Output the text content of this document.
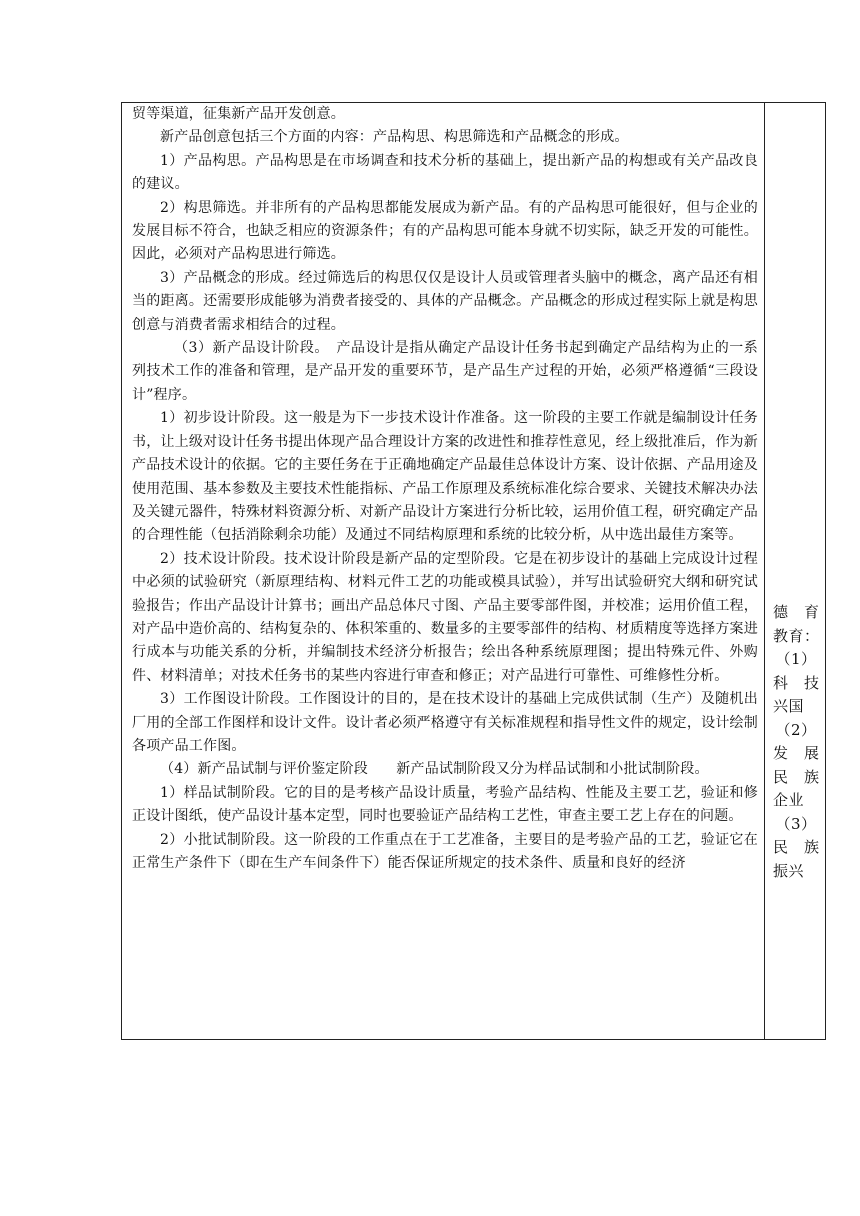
贸等渠道，征集新产品开发创意。

新产品创意包括三个方面的内容：产品构思、构思筛选和产品概念的形成。

1）产品构思。产品构思是在市场调查和技术分析的基础上，提出新产品的构想或有关产品改良的建议。

2）构思筛选。并非所有的产品构思都能发展成为新产品。有的产品构思可能很好，但与企业的发展目标不符合，也缺乏相应的资源条件；有的产品构思可能本身就不切实际，缺乏开发的可能性。因此，必须对产品构思进行筛选。

3）产品概念的形成。经过筛选后的构思仅仅是设计人员或管理者头脑中的概念，离产品还有相当的距离。还需要形成能够为消费者接受的、具体的产品概念。产品概念的形成过程实际上就是构思创意与消费者需求相结合的过程。

（3）新产品设计阶段。　产品设计是指从确定产品设计任务书起到确定产品结构为止的一系列技术工作的准备和管理，是产品开发的重要环节，是产品生产过程的开始，必须严格遵循“三段设计”程序。

1）初步设计阶段。这一般是为下一步技术设计作准备。这一阶段的主要工作就是编制设计任务书，让上级对设计任务书提出体现产品合理设计方案的改进性和推荐性意见，经上级批准后，作为新产品技术设计的依据。它的主要任务在于正确地确定产品最佳总体设计方案、设计依据、产品用途及使用范围、基本参数及主要技术性能指标、产品工作原理及系统标准化综合要求、关键技术解决办法及关键元器件，特殊材料资源分析、对新产品设计方案进行分析比较，运用价值工程，研究确定产品的合理性能（包括消除剩余功能）及通过不同结构原理和系统的比较分析，从中选出最佳方案等。

2）技术设计阶段。技术设计阶段是新产品的定型阶段。它是在初步设计的基础上完成设计过程中必须的试验研究（新原理结构、材料元件工艺的功能或模具试验），并写出试验研究大纲和研究试验报告；作出产品设计计算书；画出产品总体尺寸图、产品主要零部件图，并校准；运用价值工程，对产品中造价高的、结构复杂的、体积笨重的、数量多的主要零部件的结构、材质精度等选择方案进行成本与功能关系的分析，并编制技术经济分析报告；绘出各种系统原理图；提出特殊元件、外购件、材料清单；对技术任务书的某些内容进行审查和修正；对产品进行可靠性、可维修性分析。

3）工作图设计阶段。工作图设计的目的，是在技术设计的基础上完成供试制（生产）及随机出厂用的全部工作图样和设计文件。设计者必须严格遵守有关标准规程和指导性文件的规定，设计绘制各项产品工作图。

（4）新产品试制与评价鉴定阶段　　新产品试制阶段又分为样品试制和小批试制阶段。

1）样品试制阶段。它的目的是考核产品设计质量，考验产品结构、性能及主要工艺，验证和修正设计图纸，使产品设计基本定型，同时也要验证产品结构工艺性，审查主要工艺上存在的问题。

2）小批试制阶段。这一阶段的工作重点在于工艺准备，主要目的是考验产品的工艺，验证它在正常生产条件下（即在生产车间条件下）能否保证所规定的技术条件、质量和良好的经济

德　育
教育：
（1）
科　技
兴国
（2）
发　展
民　族
企业
（3）
民　族
振兴
